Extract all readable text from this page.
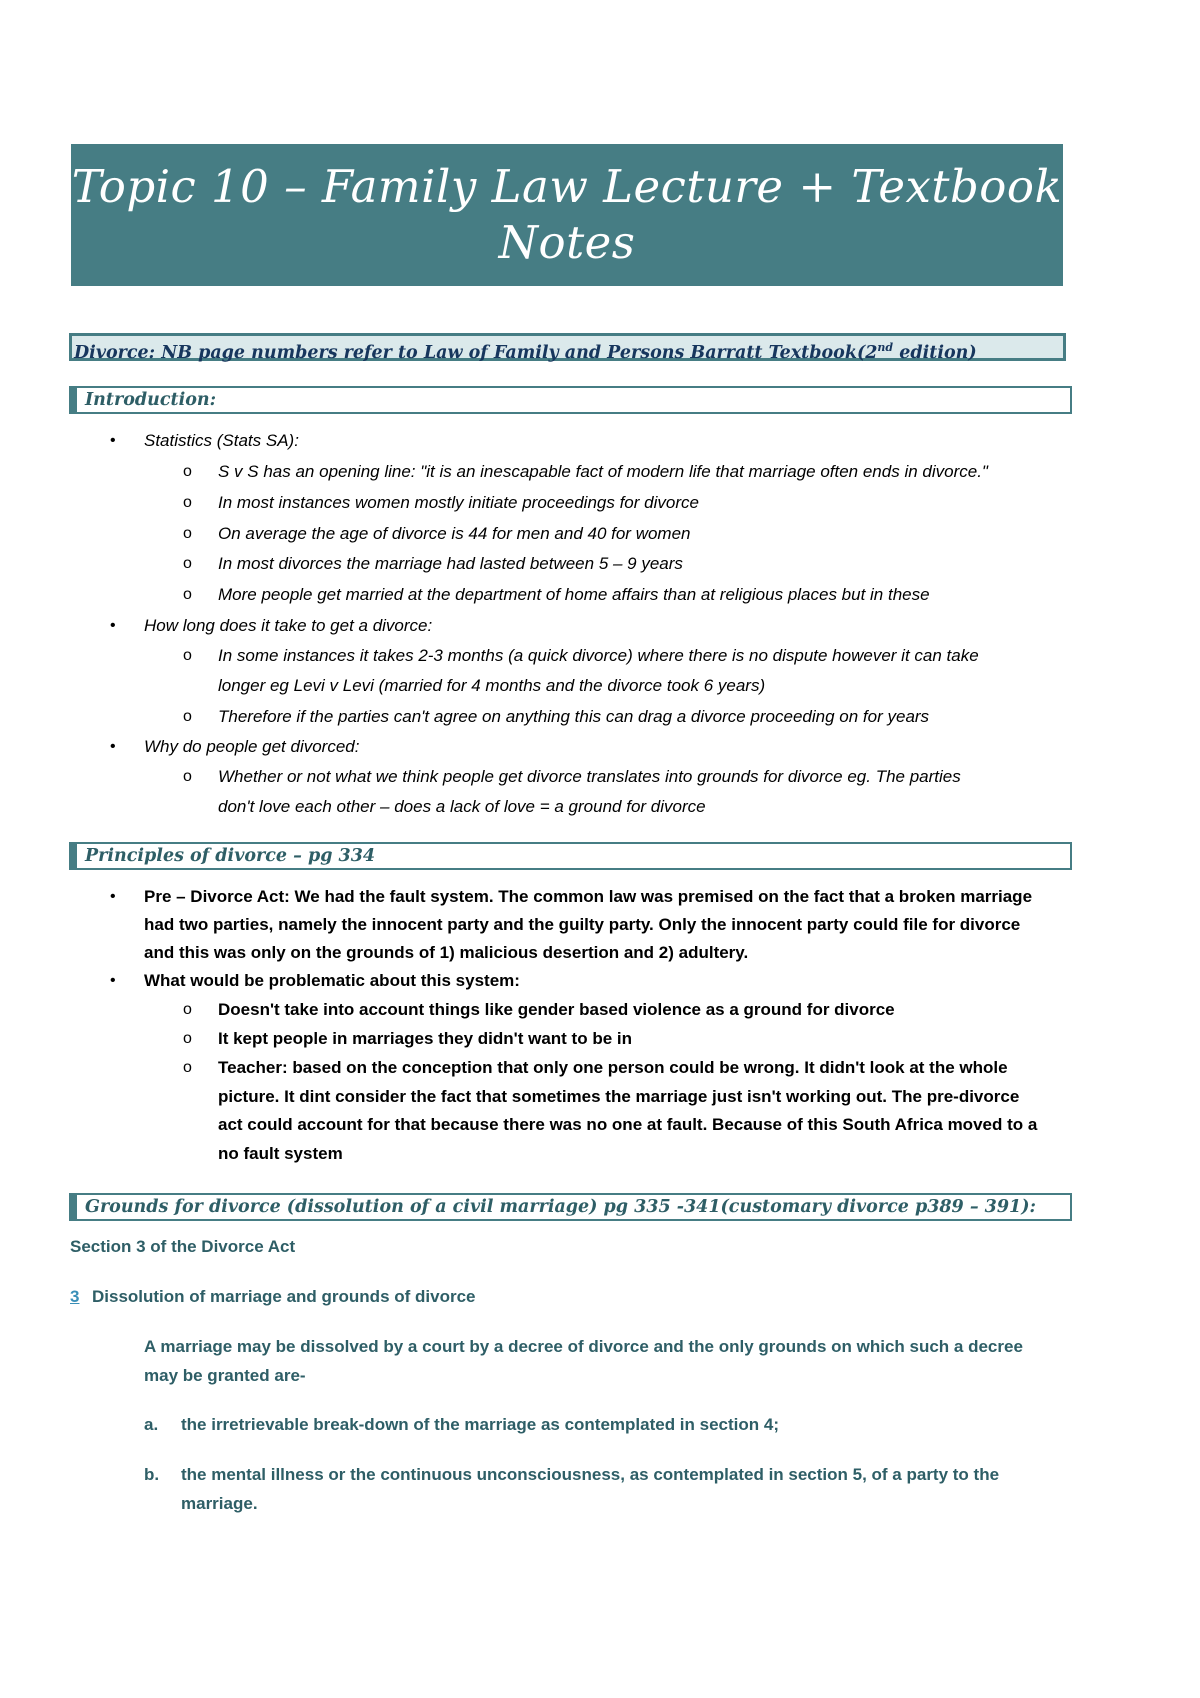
Topic 10 – Family Law Lecture + Textbook
Notes
Divorce: NB page numbers refer to Law of Family and Persons Barratt Textbook(2nd edition)
Introduction:
• Statistics (Stats SA):
o S v S has an opening line: "it is an inescapable fact of modern life that marriage often ends in divorce."
o In most instances women mostly initiate proceedings for divorce
o On average the age of divorce is 44 for men and 40 for women
o In most divorces the marriage had lasted between 5 – 9 years
o More people get married at the department of home affairs than at religious places but in these
• How long does it take to get a divorce:
o In some instances it takes 2-3 months (a quick divorce) where there is no dispute however it can take
longer eg Levi v Levi (married for 4 months and the divorce took 6 years)
o Therefore if the parties can't agree on anything this can drag a divorce proceeding on for years
• Why do people get divorced:
o Whether or not what we think people get divorce translates into grounds for divorce eg. The parties
don't love each other – does a lack of love = a ground for divorce
Principles of divorce – pg 334
• Pre – Divorce Act: We had the fault system. The common law was premised on the fact that a broken marriage
had two parties, namely the innocent party and the guilty party. Only the innocent party could file for divorce
and this was only on the grounds of 1) malicious desertion and 2) adultery.
• What would be problematic about this system:
o Doesn't take into account things like gender based violence as a ground for divorce
o It kept people in marriages they didn't want to be in
o Teacher: based on the conception that only one person could be wrong. It didn't look at the whole
picture. It dint consider the fact that sometimes the marriage just isn't working out. The pre-divorce
act could account for that because there was no one at fault. Because of this South Africa moved to a
no fault system
Grounds for divorce (dissolution of a civil marriage) pg 335 -341(customary divorce p389 – 391):
Section 3 of the Divorce Act
3 Dissolution of marriage and grounds of divorce
A marriage may be dissolved by a court by a decree of divorce and the only grounds on which such a decree
may be granted are-
a. the irretrievable break-down of the marriage as contemplated in section 4;
b. the mental illness or the continuous unconsciousness, as contemplated in section 5, of a party to the
marriage.
